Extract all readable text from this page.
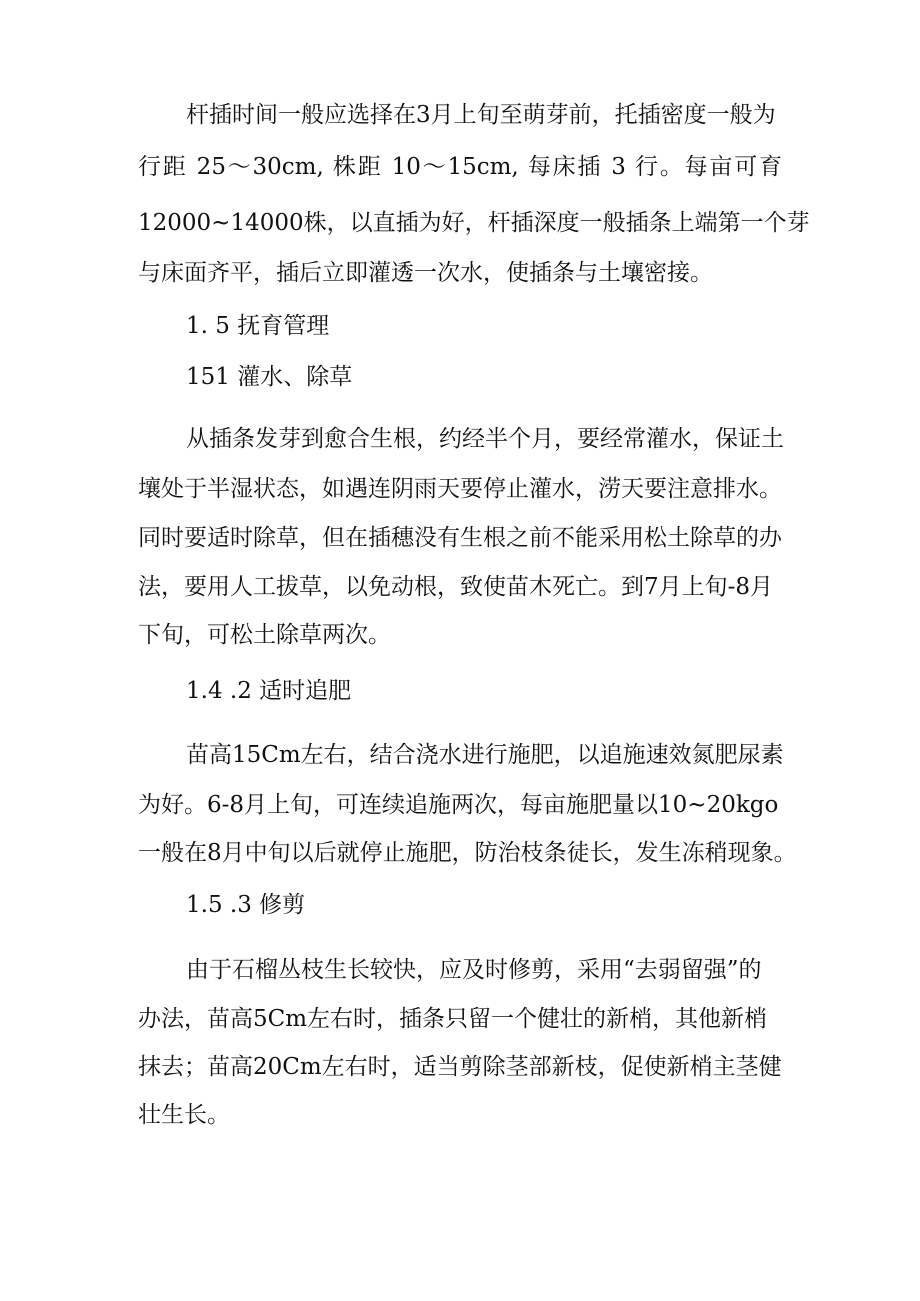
杆插时间一般应选择在3月上旬至萌芽前，托插密度一般为

行距 25～30cm, 株距 10～15cm, 每床插 3 行。每亩可育

12000~14000株，以直插为好，杆插深度一般插条上端第一个芽

与床面齐平，插后立即灌透一次水，使插条与土壤密接。

1. 5 抚育管理

151 灌水、除草

从插条发芽到愈合生根，约经半个月，要经常灌水，保证土

壤处于半湿状态，如遇连阴雨天要停止灌水，涝天要注意排水。

同时要适时除草，但在插穗没有生根之前不能采用松土除草的办

法，要用人工拔草，以免动根，致使苗木死亡。到7月上旬-8月

下旬，可松土除草两次。

1.4 .2 适时追肥

苗高15Cm左右，结合浇水进行施肥，以追施速效氮肥尿素

为好。6-8月上旬，可连续追施两次，每亩施肥量以10~20kgo

一般在8月中旬以后就停止施肥，防治枝条徒长，发生冻稍现象。

1.5 .3 修剪

由于石榴丛枝生长较快，应及时修剪，采用“去弱留强”的

办法，苗高5Cm左右时，插条只留一个健壮的新梢，其他新梢

抹去；苗高20Cm左右时，适当剪除茎部新枝，促使新梢主茎健

壮生长。
